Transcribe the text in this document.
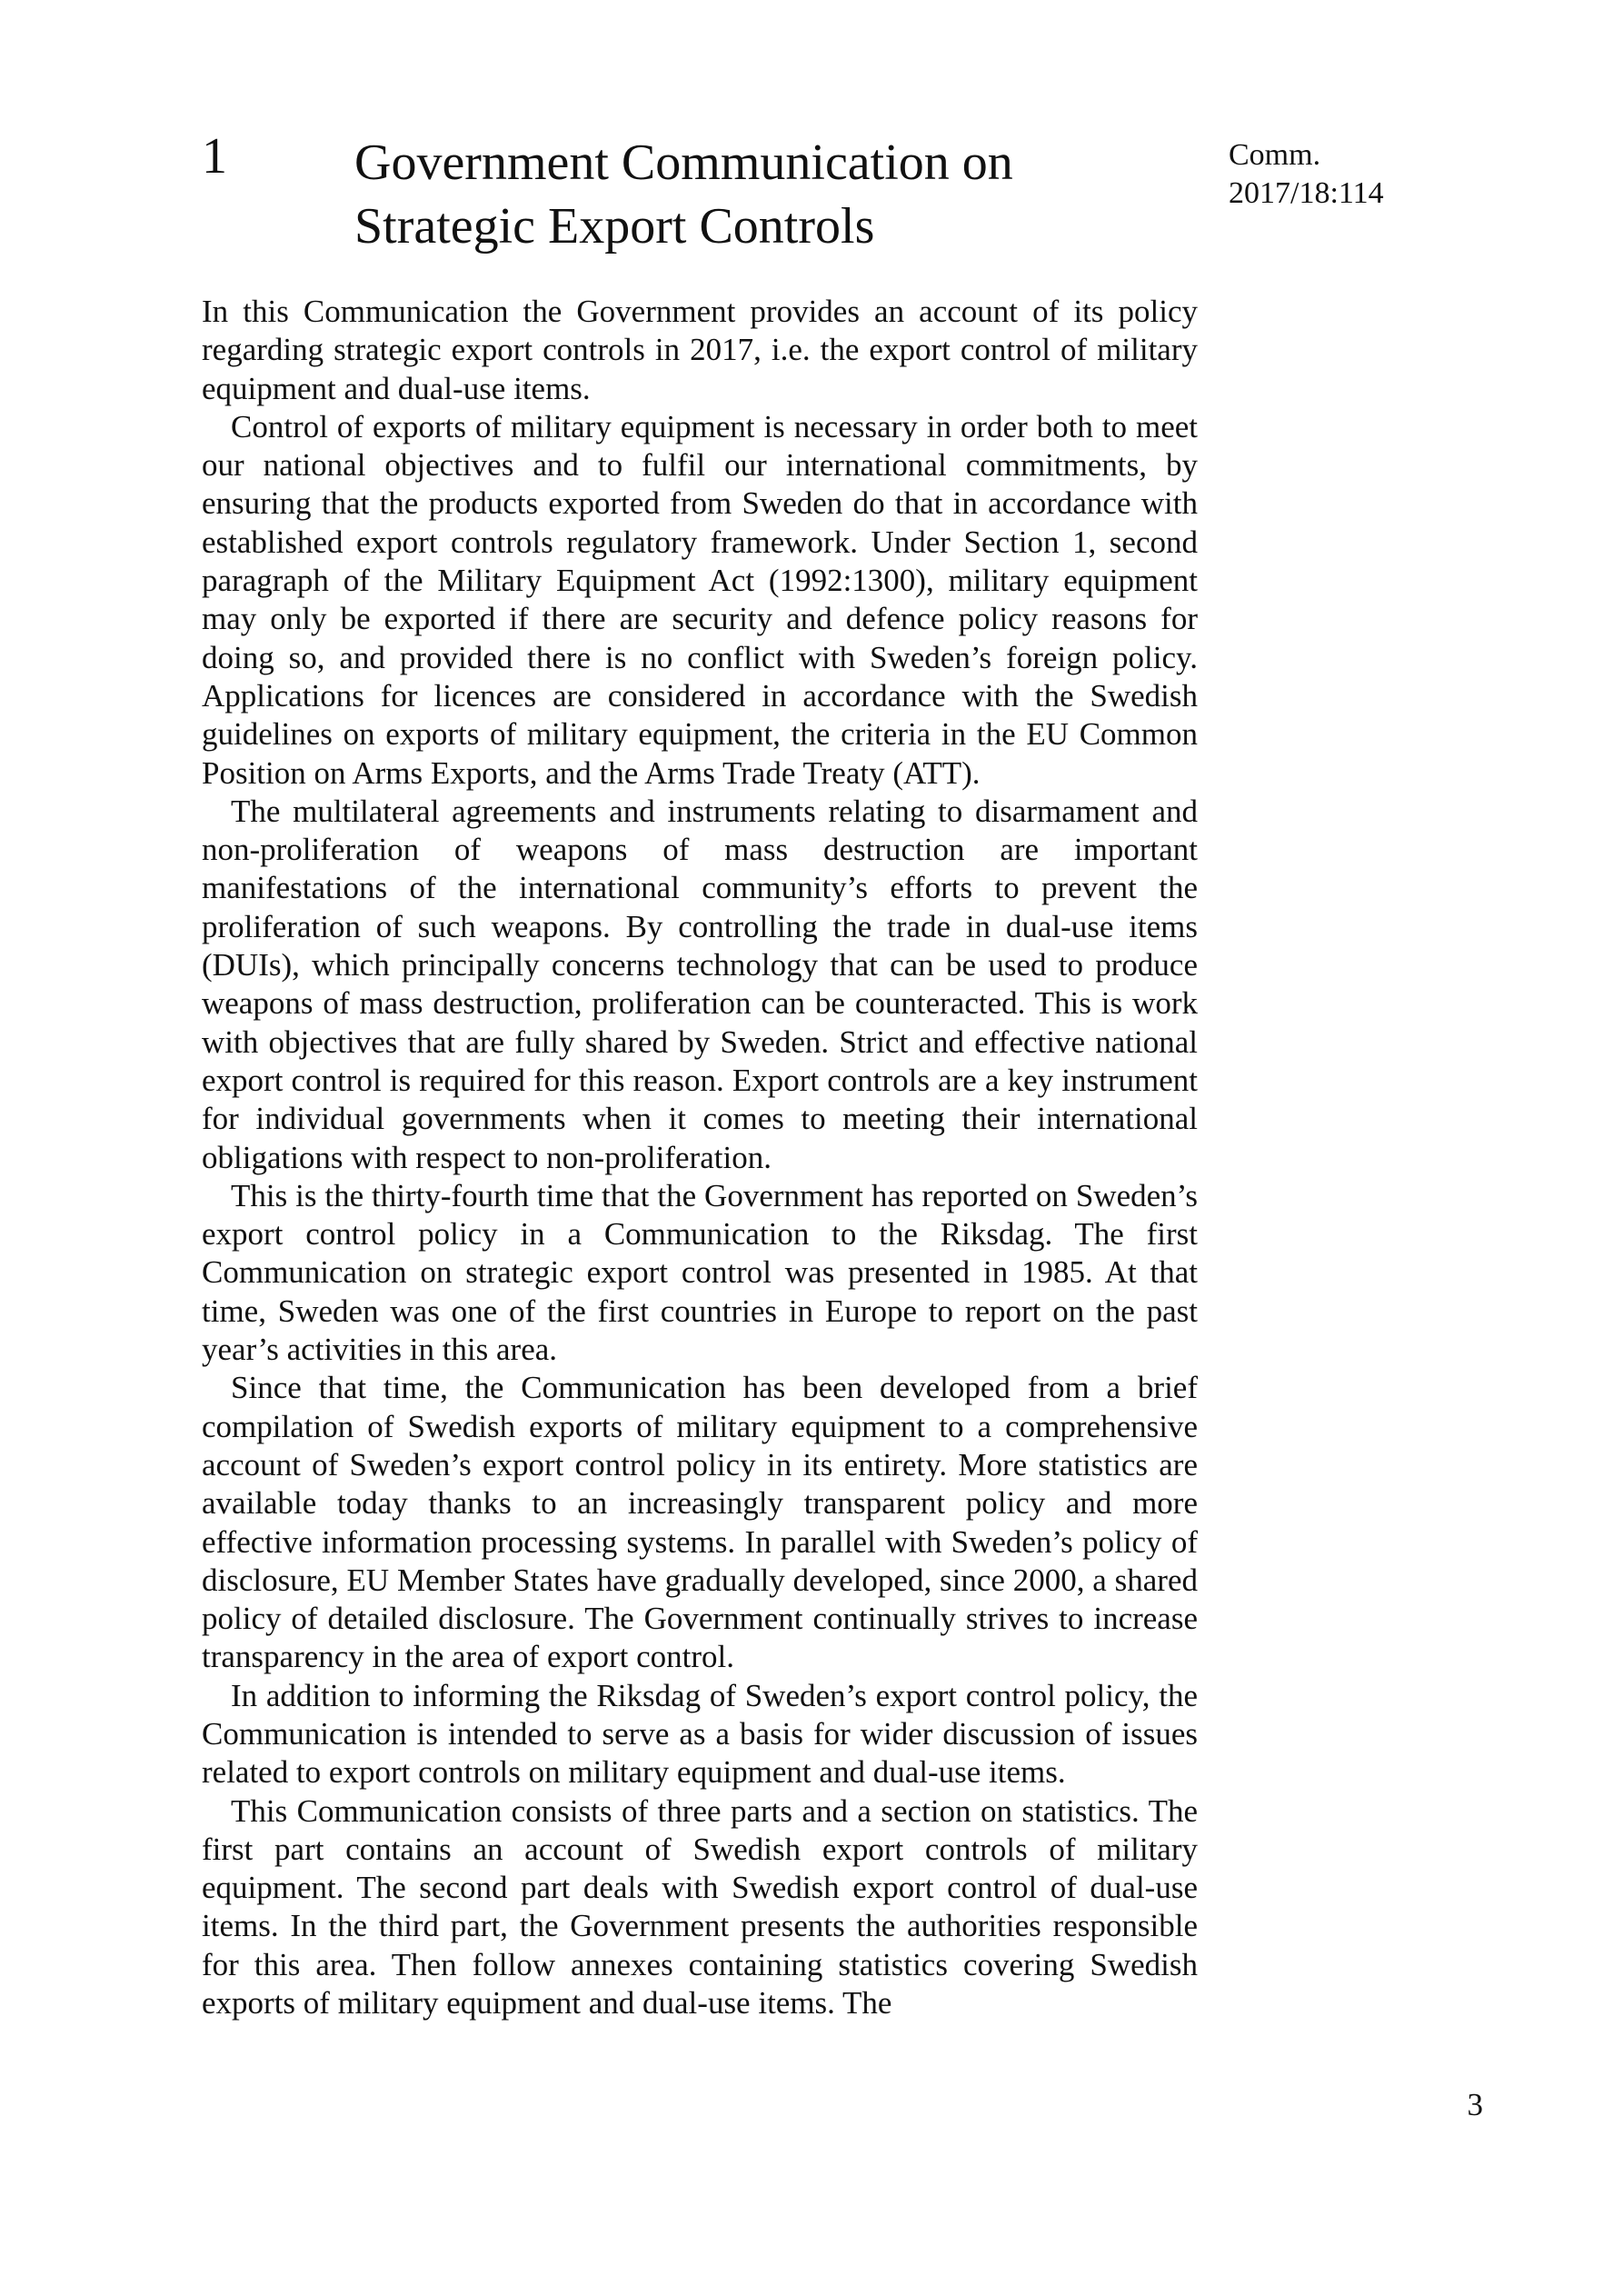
1	Government Communication on
Strategic Export Controls
Comm.
2017/18:114

In this Communication the Government provides an account of its policy regarding strategic export controls in 2017, i.e. the export control of military equipment and dual-use items.

Control of exports of military equipment is necessary in order both to meet our national objectives and to fulfil our international commitments, by ensuring that the products exported from Sweden do that in accordance with established export controls regulatory framework. Under Section 1, second paragraph of the Military Equipment Act (1992:1300), military equipment may only be exported if there are security and defence policy reasons for doing so, and provided there is no conflict with Sweden’s foreign policy. Applications for licences are considered in accordance with the Swedish guidelines on exports of military equipment, the criteria in the EU Common Position on Arms Exports, and the Arms Trade Treaty (ATT).

The multilateral agreements and instruments relating to disarmament and non-proliferation of weapons of mass destruction are important manifestations of the international community’s efforts to prevent the proliferation of such weapons. By controlling the trade in dual-use items (DUIs), which principally concerns technology that can be used to produce weapons of mass destruction, proliferation can be counteracted. This is work with objectives that are fully shared by Sweden. Strict and effective national export control is required for this reason. Export controls are a key instrument for individual governments when it comes to meeting their international obligations with respect to non-proliferation.

This is the thirty-fourth time that the Government has reported on Sweden’s export control policy in a Communication to the Riksdag. The first Communication on strategic export control was presented in 1985. At that time, Sweden was one of the first countries in Europe to report on the past year’s activities in this area.

Since that time, the Communication has been developed from a brief compilation of Swedish exports of military equipment to a comprehensive account of Sweden’s export control policy in its entirety. More statistics are available today thanks to an increasingly transparent policy and more effective information processing systems. In parallel with Sweden’s policy of disclosure, EU Member States have gradually developed, since 2000, a shared policy of detailed disclosure. The Government continually strives to increase transparency in the area of export control.

In addition to informing the Riksdag of Sweden’s export control policy, the Communication is intended to serve as a basis for wider discussion of issues related to export controls on military equipment and dual-use items.

This Communication consists of three parts and a section on statistics. The first part contains an account of Swedish export controls of military equipment. The second part deals with Swedish export control of dual-use items. In the third part, the Government presents the authorities responsible for this area. Then follow annexes containing statistics covering Swedish exports of military equipment and dual-use items. The

3
